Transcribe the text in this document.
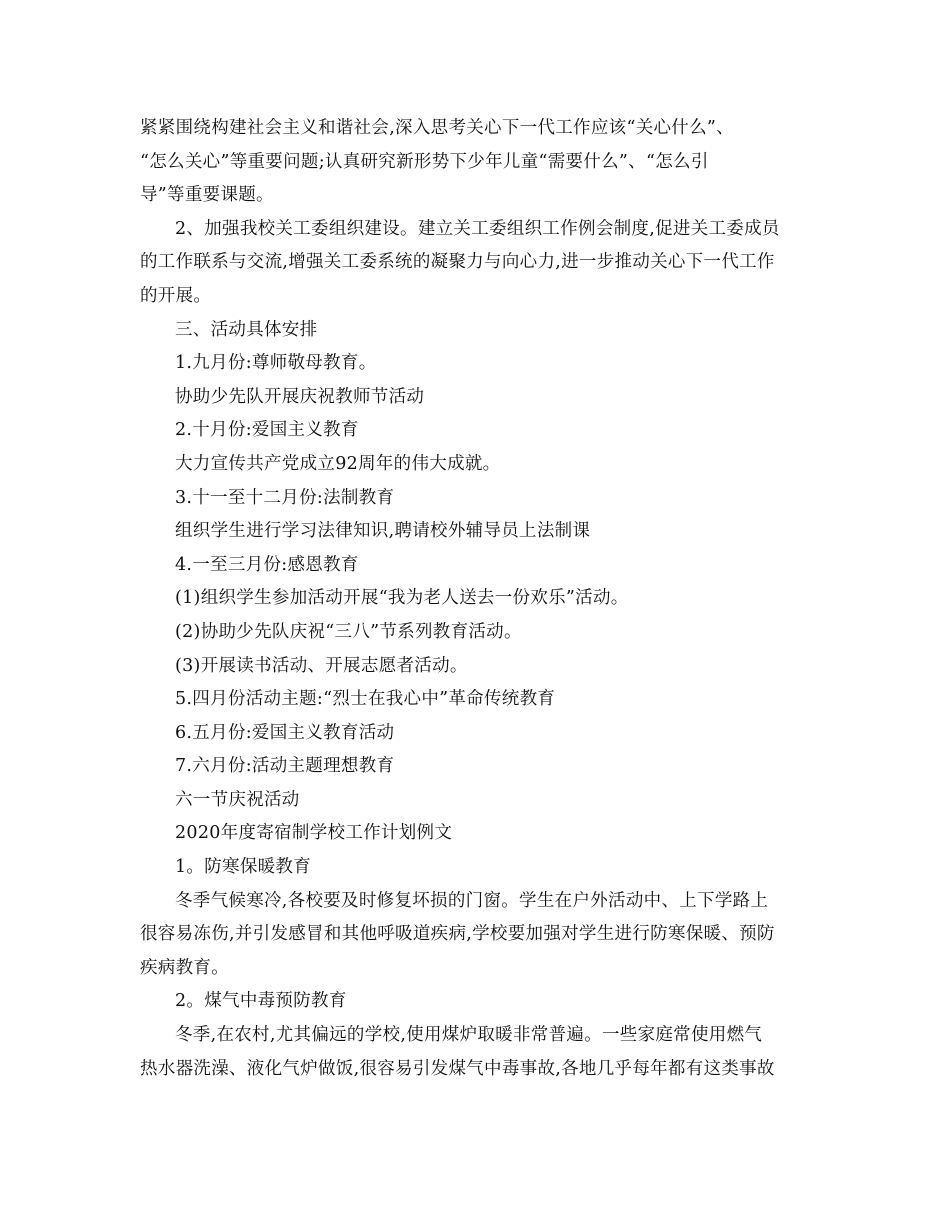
紧紧围绕构建社会主义和谐社会,深入思考关心下一代工作应该“关心什么”、
“怎么关心”等重要问题;认真研究新形势下少年儿童“需要什么”、“怎么引
导”等重要课题。
2、加强我校关工委组织建设。建立关工委组织工作例会制度,促进关工委成员
的工作联系与交流,增强关工委系统的凝聚力与向心力,进一步推动关心下一代工作
的开展。
三、活动具体安排
1.九月份:尊师敬母教育。
协助少先队开展庆祝教师节活动
2.十月份:爱国主义教育
大力宣传共产党成立92周年的伟大成就。
3.十一至十二月份:法制教育
组织学生进行学习法律知识,聘请校外辅导员上法制课
4.一至三月份:感恩教育
(1)组织学生参加活动开展“我为老人送去一份欢乐”活动。
(2)协助少先队庆祝“三八”节系列教育活动。
(3)开展读书活动、开展志愿者活动。
5.四月份活动主题:“烈士在我心中”革命传统教育
6.五月份:爱国主义教育活动
7.六月份:活动主题理想教育
六一节庆祝活动
2020年度寄宿制学校工作计划例文
1。防寒保暖教育
冬季气候寒冷,各校要及时修复坏损的门窗。学生在户外活动中、上下学路上
很容易冻伤,并引发感冒和其他呼吸道疾病,学校要加强对学生进行防寒保暖、预防
疾病教育。
2。煤气中毒预防教育
冬季,在农村,尤其偏远的学校,使用煤炉取暖非常普遍。一些家庭常使用燃气
热水器洗澡、液化气炉做饭,很容易引发煤气中毒事故,各地几乎每年都有这类事故
